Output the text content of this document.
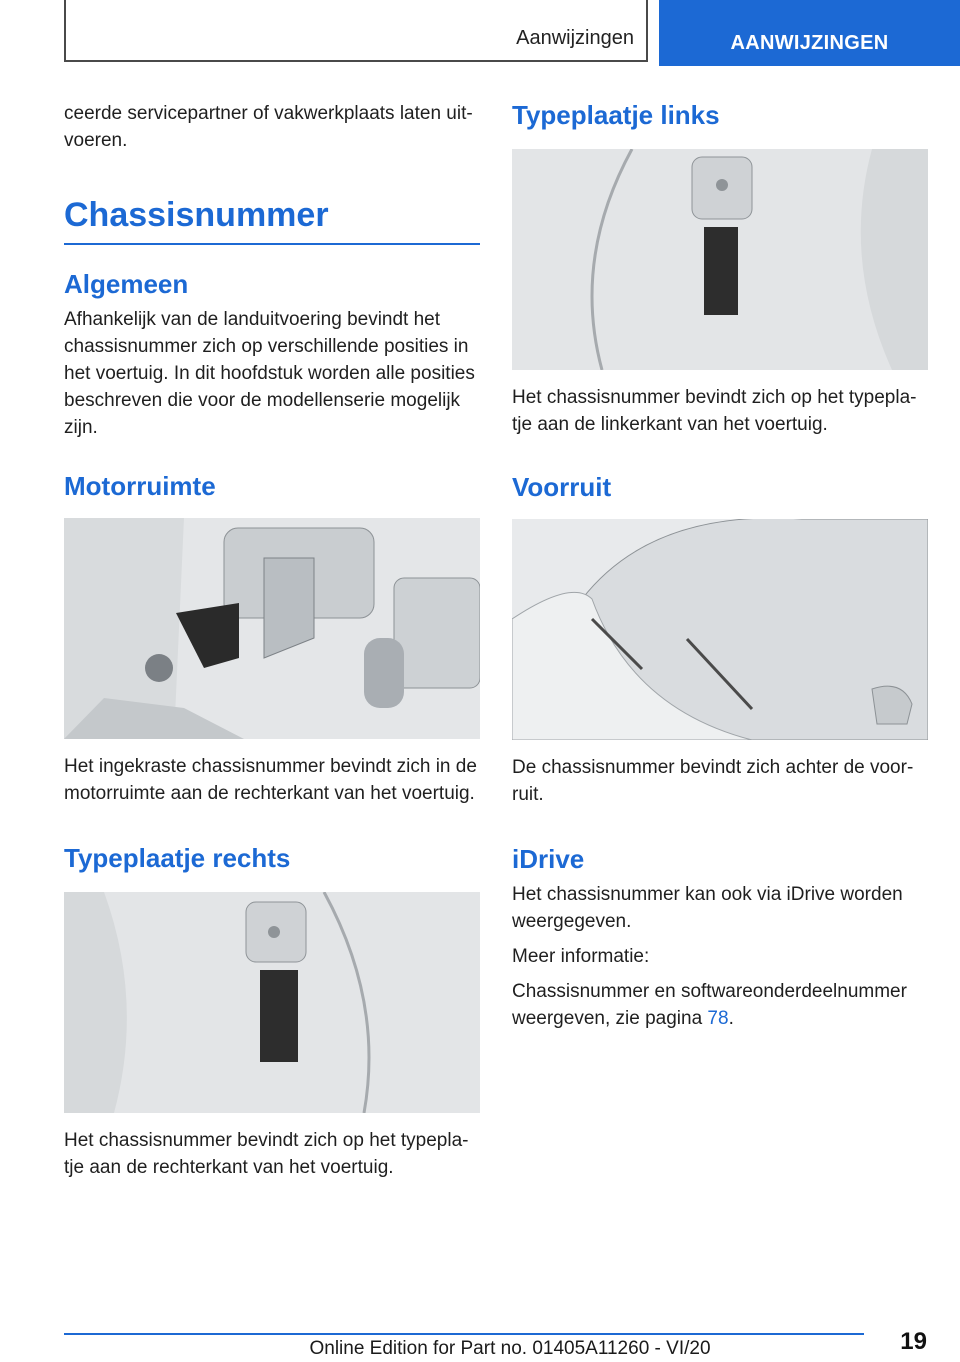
Aanwijzingen	AANWIJZINGEN

ceerde servicepartner of vakwerkplaats laten uit-voeren.

Chassisnummer
Algemeen

Afhankelijk van de landuitvoering bevindt het chassisnummer zich op verschillende posities in het voertuig. In dit hoofdstuk worden alle posities beschreven die voor de modellenserie mogelijk zijn.

Motorruimte

Het ingekraste chassisnummer bevindt zich in de motorruimte aan de rechterkant van het voertuig.

Typeplaatje rechts

Het chassisnummer bevindt zich op het typepla-tje aan de rechterkant van het voertuig.

Typeplaatje links

Het chassisnummer bevindt zich op het typepla-tje aan de linkerkant van het voertuig.

Voorruit

De chassisnummer bevindt zich achter de voor-ruit.

iDrive

Het chassisnummer kan ook via iDrive worden weergegeven.

Meer informatie:

Chassisnummer en softwareonderdeelnummer weergeven, zie pagina 78.

19
Online Edition for Part no. 01405A11260 - VI/20
